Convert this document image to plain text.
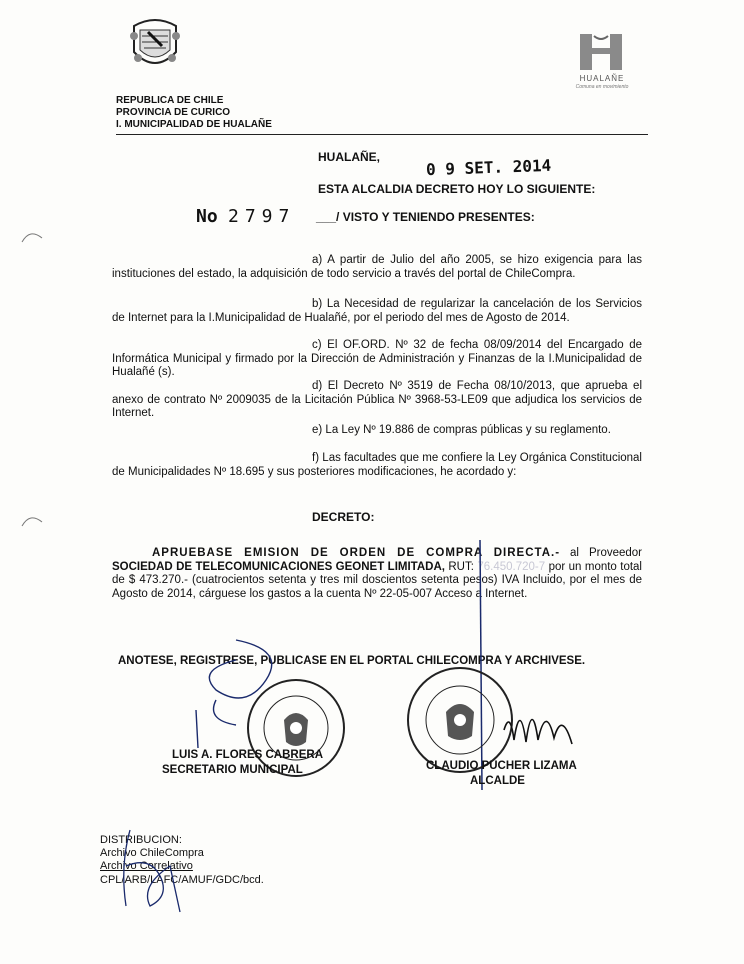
HUALAÑE
Comuna en movimiento
REPUBLICA DE CHILE
PROVINCIA DE CURICO
I. MUNICIPALIDAD DE HUALAÑE
HUALAÑE,	0 9 SET. 2014
ESTA ALCALDIA DECRETO HOY LO SIGUIENTE:
No 2797 ___/ VISTO Y TENIENDO PRESENTES:
a) A partir de Julio del año 2005, se hizo exigencia para las instituciones del estado, la adquisición de todo servicio a través del portal de ChileCompra.
b) La Necesidad de regularizar la cancelación de los Servicios de Internet para la I.Municipalidad de Hualañé, por el periodo del mes de Agosto de 2014.
c) El OF.ORD. Nº 32 de fecha 08/09/2014 del Encargado de Informática Municipal y firmado por la Dirección de Administración y Finanzas de la I.Municipalidad de Hualañé (s).
d) El Decreto Nº 3519 de Fecha 08/10/2013, que aprueba el anexo de contrato Nº 2009035 de la Licitación Pública Nº 3968-53-LE09 que adjudica los servicios de Internet.
e) La Ley Nº 19.886 de compras públicas y su reglamento.
f) Las facultades que me confiere la Ley Orgánica Constitucional de Municipalidades Nº 18.695 y sus posteriores modificaciones, he acordado y:
DECRETO:
APRUEBASE EMISION DE ORDEN DE COMPRA DIRECTA.- al Proveedor SOCIEDAD DE TELECOMUNICACIONES GEONET LIMITADA, RUT: 76.450.720-7 por un monto total de $ 473.270.- (cuatrocientos setenta y tres mil doscientos setenta pesos) IVA Incluido, por el mes de Agosto de 2014, cárguese los gastos a la cuenta Nº 22-05-007 Acceso a Internet.
ANOTESE, REGISTRESE, PUBLICASE EN EL PORTAL CHILECOMPRA Y ARCHIVESE.
LUIS A. FLORES CABRERA
SECRETARIO MUNICIPAL	CLAUDIO PUCHER LIZAMA
ALCALDE
DISTRIBUCION:
Archivo ChileCompra
Archivo Correlativo
CPL/ARB/LAFC/AMUF/GDC/bcd.
